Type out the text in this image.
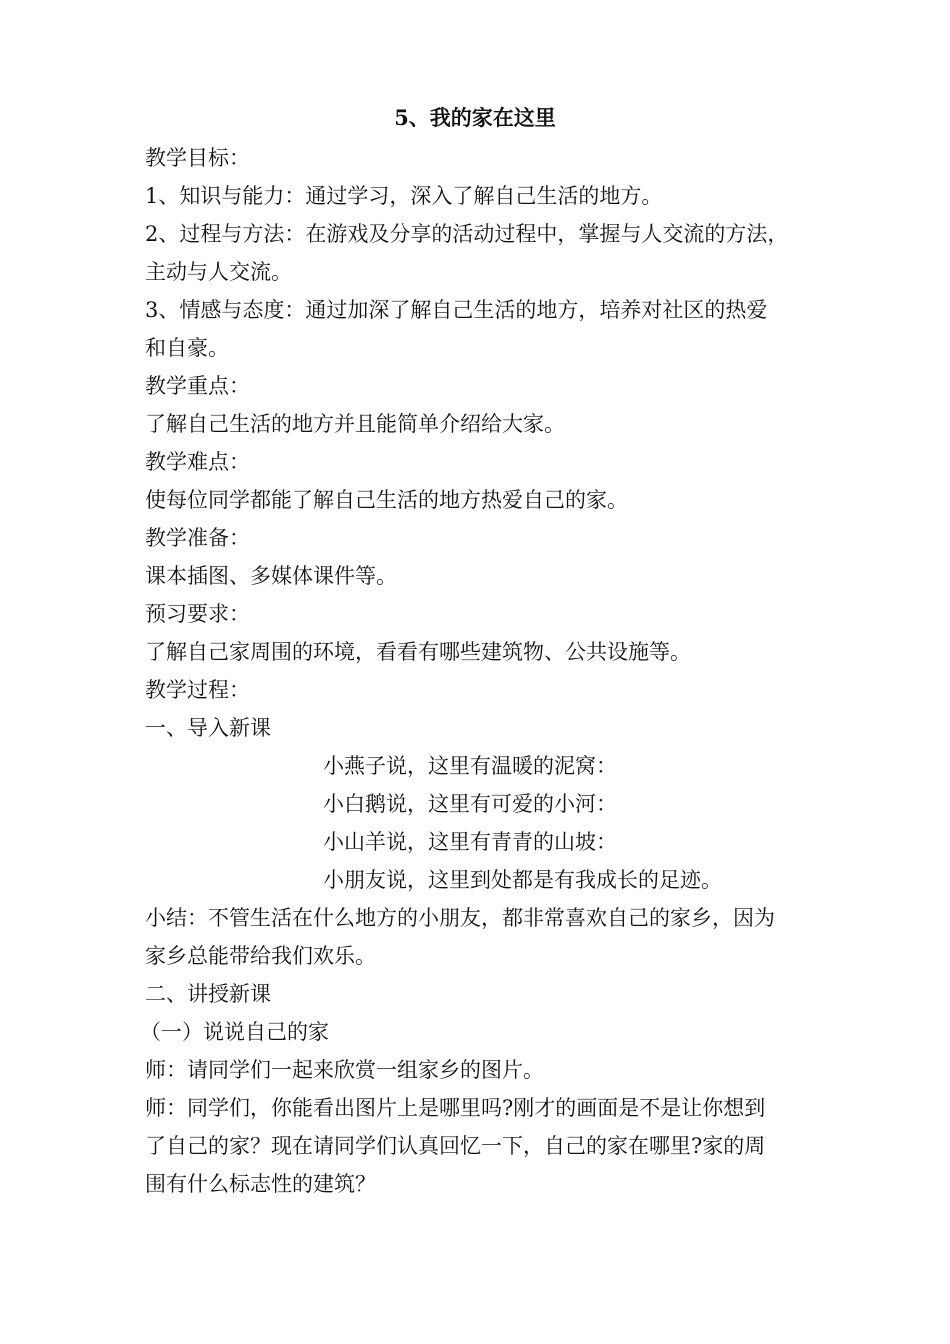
5、我的家在这里
教学目标：
1、知识与能力：通过学习，深入了解自己生活的地方。
2、过程与方法：在游戏及分享的活动过程中，掌握与人交流的方法，
主动与人交流。
3、情感与态度：通过加深了解自己生活的地方，培养对社区的热爱
和自豪。
教学重点：
了解自己生活的地方并且能简单介绍给大家。
教学难点：
使每位同学都能了解自己生活的地方热爱自己的家。
教学准备：
课本插图、多媒体课件等。
预习要求：
了解自己家周围的环境，看看有哪些建筑物、公共设施等。
教学过程：
一、导入新课
小燕子说，这里有温暖的泥窝：
小白鹅说，这里有可爱的小河：
小山羊说，这里有青青的山坡：
小朋友说，这里到处都是有我成长的足迹。
小结：不管生活在什么地方的小朋友，都非常喜欢自己的家乡，因为
家乡总能带给我们欢乐。
二、讲授新课
（一）说说自己的家
师：请同学们一起来欣赏一组家乡的图片。
师：同学们，你能看出图片上是哪里吗?刚才的画面是不是让你想到
了自己的家？现在请同学们认真回忆一下，自己的家在哪里?家的周
围有什么标志性的建筑？
